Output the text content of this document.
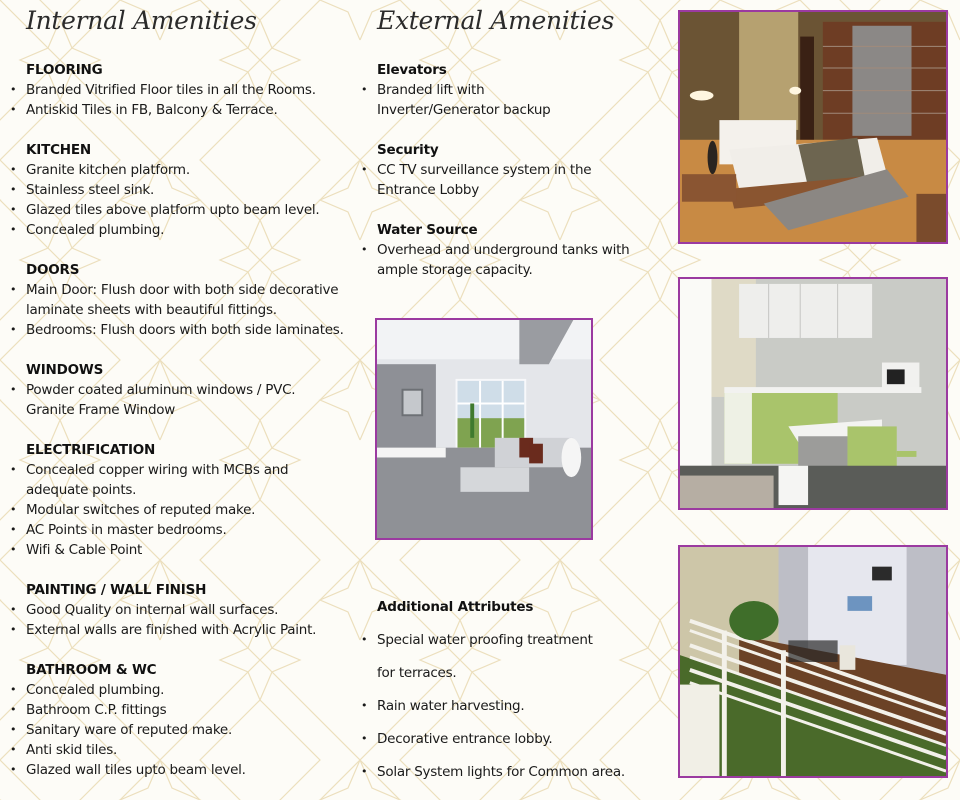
Internal Amenities
FLOORING
• Branded Vitrified Floor tiles in all the Rooms.
• Antiskid Tiles in FB, Balcony & Terrace.
KITCHEN
• Granite kitchen platform.
• Stainless steel sink.
• Glazed tiles above platform upto beam level.
• Concealed plumbing.
DOORS
• Main Door: Flush door with both side decorative
laminate sheets with beautiful fittings.
• Bedrooms: Flush doors with both side laminates.
WINDOWS
• Powder coated aluminum windows / PVC.
Granite Frame Window
ELECTRIFICATION
• Concealed copper wiring with MCBs and
adequate points.
• Modular switches of reputed make.
• AC Points in master bedrooms.
• Wifi & Cable Point
PAINTING / WALL FINISH
• Good Quality on internal wall surfaces.
• External walls are finished with Acrylic Paint.
BATHROOM & WC
• Concealed plumbing.
• Bathroom C.P. fittings
• Sanitary ware of reputed make.
• Anti skid tiles.
• Glazed wall tiles upto beam level.
External Amenities
Elevators
• Branded lift with
Inverter/Generator backup
Security
• CC TV surveillance system in the
Entrance Lobby
Water Source
• Overhead and underground tanks with
ample storage capacity.
Additional Attributes
• Special water proofing treatment
for terraces.
• Rain water harvesting.
• Decorative entrance lobby.
• Solar System lights for Common area.
